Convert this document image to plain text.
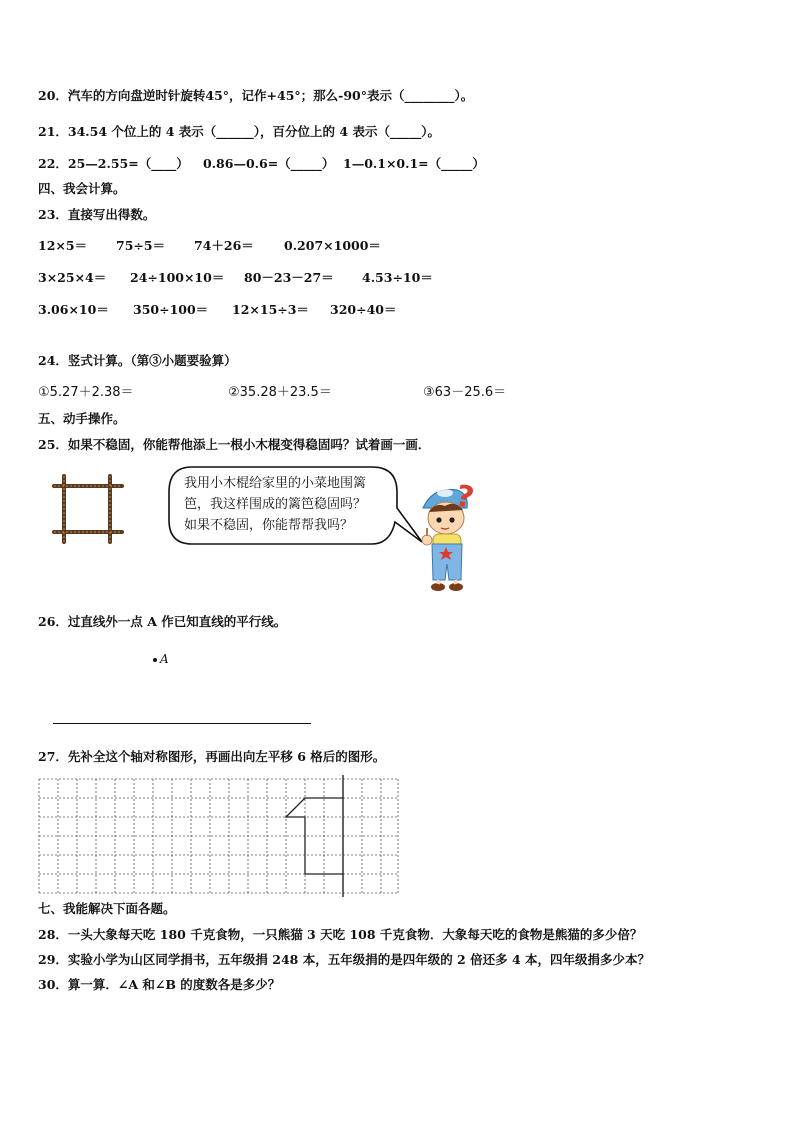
20．汽车的方向盘逆时针旋转45°，记作+45°；那么-90°表示（________）。
21．34.54 个位上的 4 表示（______），百分位上的 4 表示（_____）。
22．25—2.55=（____） 0.86—0.6=（_____） 1—0.1×0.1=（_____）
四、我会计算。
23．直接写出得数。
12×5＝ 75÷5＝ 74＋26＝ 0.207×1000＝
3×25×4＝ 24÷100×10＝ 80－23－27＝ 4.53÷10＝
3.06×10＝ 350÷100＝ 12×15÷3＝ 320÷40＝
24．竖式计算。（第③小题要验算）
①5.27＋2.38＝	②35.28＋23.5＝	③63－25.6＝
五、动手操作。
25．如果不稳固，你能帮他添上一根小木棍变得稳固吗？试着画一画．
我用小木棍给家里的小菜地围篱
笆，我这样围成的篱笆稳固吗？
如果不稳固，你能帮帮我吗？
?
26．过直线外一点 A 作已知直线的平行线。
A
27．先补全这个轴对称图形，再画出向左平移 6 格后的图形。
七、我能解决下面各题。
28．一头大象每天吃 180 千克食物，一只熊猫 3 天吃 108 千克食物．大象每天吃的食物是熊猫的多少倍？
29．实验小学为山区同学捐书，五年级捐 248 本，五年级捐的是四年级的 2 倍还多 4 本，四年级捐多少本？
30．算一算．∠A 和∠B 的度数各是多少？
